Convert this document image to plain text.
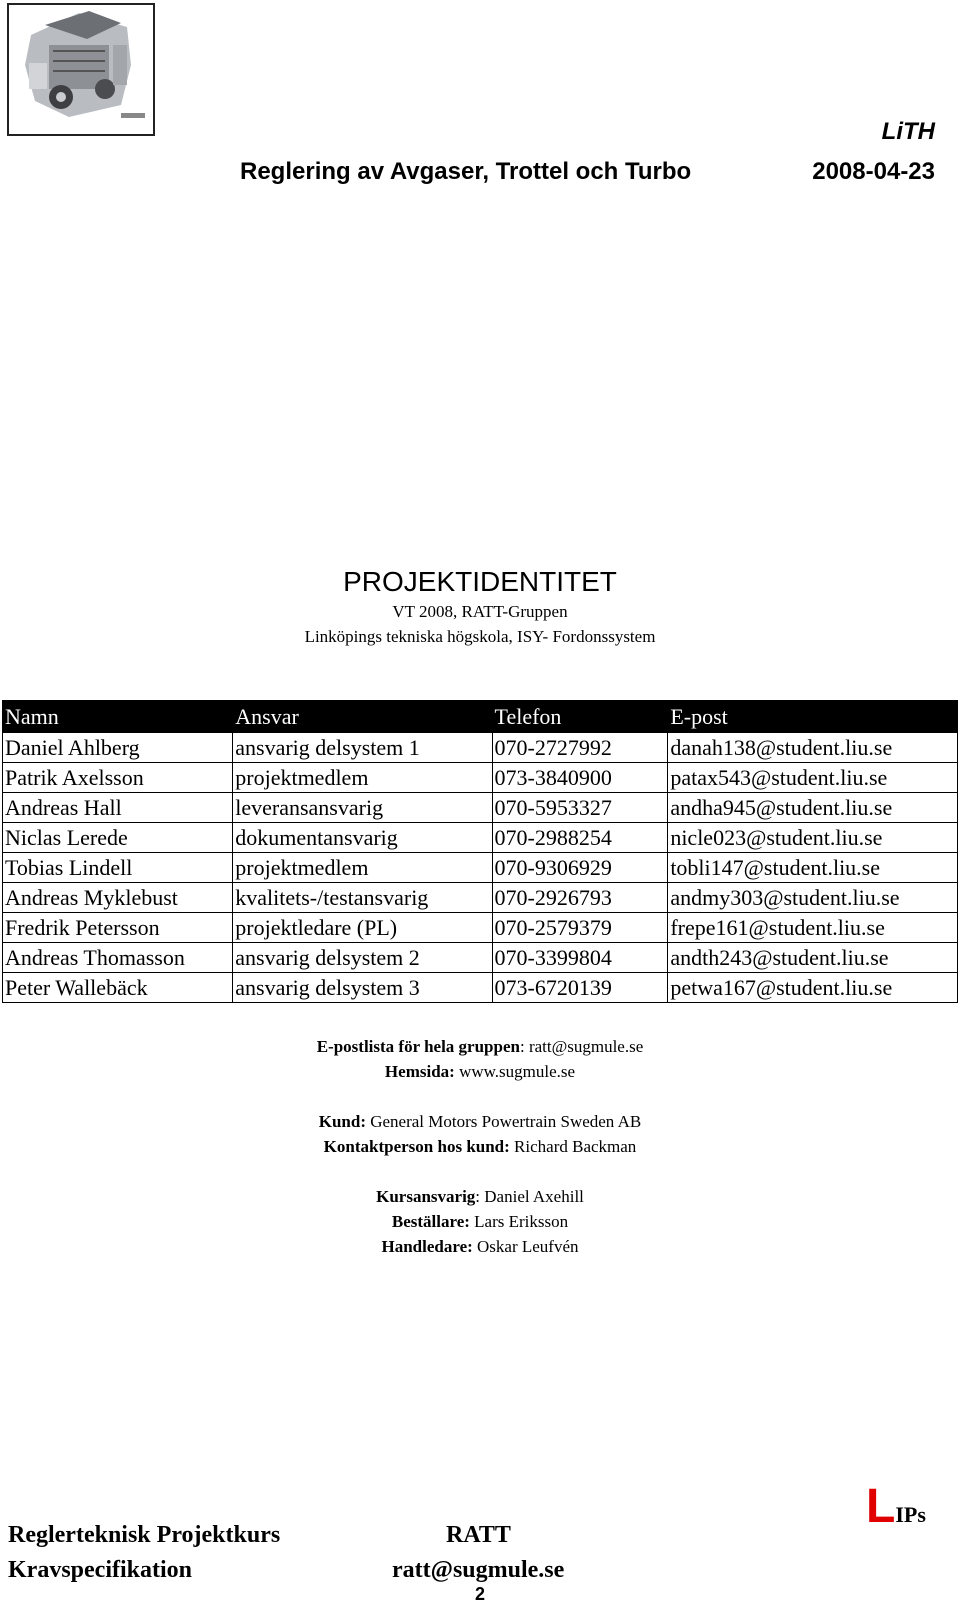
LiTH
Reglering av Avgaser, Trottel och Turbo	2008-04-23
PROJEKTIDENTITET
VT 2008, RATT-Gruppen
Linköpings tekniska högskola, ISY- Fordonssystem
Namn	Ansvar	Telefon	E-post
Daniel Ahlberg	ansvarig delsystem 1	070-2727992	danah138@student.liu.se
Patrik Axelsson	projektmedlem	073-3840900	patax543@student.liu.se
Andreas Hall	leveransansvarig	070-5953327	andha945@student.liu.se
Niclas Lerede	dokumentansvarig	070-2988254	nicle023@student.liu.se
Tobias Lindell	projektmedlem	070-9306929	tobli147@student.liu.se
Andreas Myklebust	kvalitets-/testansvarig	070-2926793	andmy303@student.liu.se
Fredrik Petersson	projektledare (PL)	070-2579379	frepe161@student.liu.se
Andreas Thomasson	ansvarig delsystem 2	070-3399804	andth243@student.liu.se
Peter Wallebäck	ansvarig delsystem 3	073-6720139	petwa167@student.liu.se
E-postlista för hela gruppen: ratt@sugmule.se
Hemsida: www.sugmule.se
Kund: General Motors Powertrain Sweden AB
Kontaktperson hos kund: Richard Backman
Kursansvarig: Daniel Axehill
Beställare: Lars Eriksson
Handledare: Oskar Leufvén
Reglerteknisk Projektkurs
Kravspecifikation
RATT
ratt@sugmule.se
LIPs
2
